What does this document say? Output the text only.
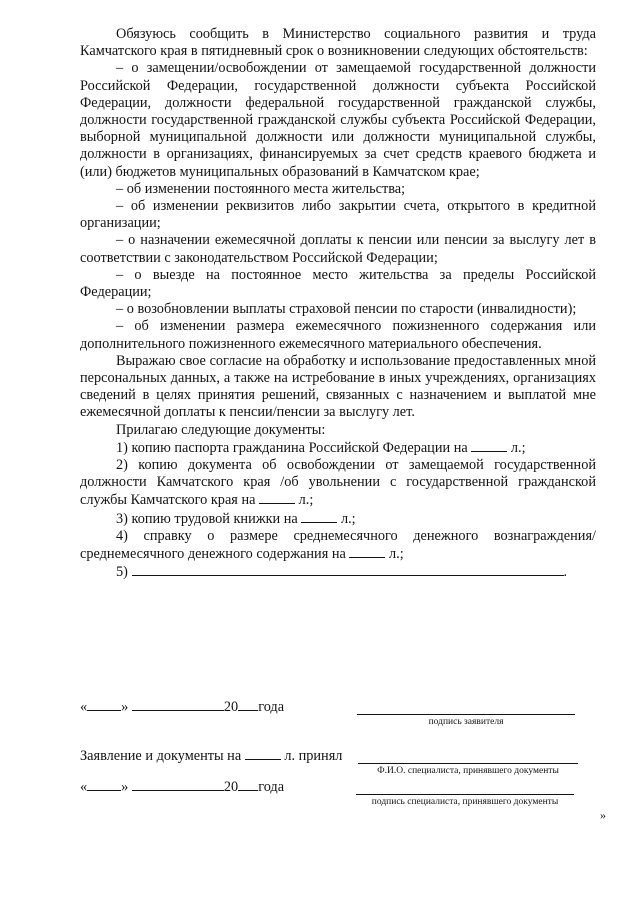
Обязуюсь сообщить в Министерство социального развития и труда Камчатского края в пятидневный срок о возникновении следующих обстоятельств:

– о замещении/освобождении от замещаемой государственной должности Российской Федерации, государственной должности субъекта Российской Федерации, должности федеральной государственной гражданской службы, должности государственной гражданской службы субъекта Российской Федерации, выборной муниципальной должности или должности муниципальной службы, должности в организациях, финансируемых за счет средств краевого бюджета и (или) бюджетов муниципальных образований в Камчатском крае;

– об изменении постоянного места жительства;

– об изменении реквизитов либо закрытии счета, открытого в кредитной организации;

– о назначении ежемесячной доплаты к пенсии или пенсии за выслугу лет в соответствии с законодательством Российской Федерации;

– о выезде на постоянное место жительства за пределы Российской Федерации;

– о возобновлении выплаты страховой пенсии по старости (инвалидности);

– об изменении размера ежемесячного пожизненного содержания или дополнительного пожизненного ежемесячного материального обеспечения.

Выражаю свое согласие на обработку и использование предоставленных мной персональных данных, а также на истребование в иных учреждениях, организациях сведений в целях принятия решений, связанных с назначением и выплатой мне ежемесячной доплаты к пенсии/пенсии за выслугу лет.

Прилагаю следующие документы:

1) копию паспорта гражданина Российской Федерации на	л.;

2) копию документа об освобождении от замещаемой государственной должности Камчатского края /об увольнении с государственной гражданской службы Камчатского края на	л.;

3) копию трудовой книжки на	л.;

4) справку о размере среднемесячного денежного вознаграждения/среднемесячного денежного содержания на	л.;

5)	.

« »	20 года
подпись заявителя
Заявление и документы на	л. принял
Ф.И.О. специалиста, принявшего документы
« »	20 года
подпись специалиста, принявшего документы
»
